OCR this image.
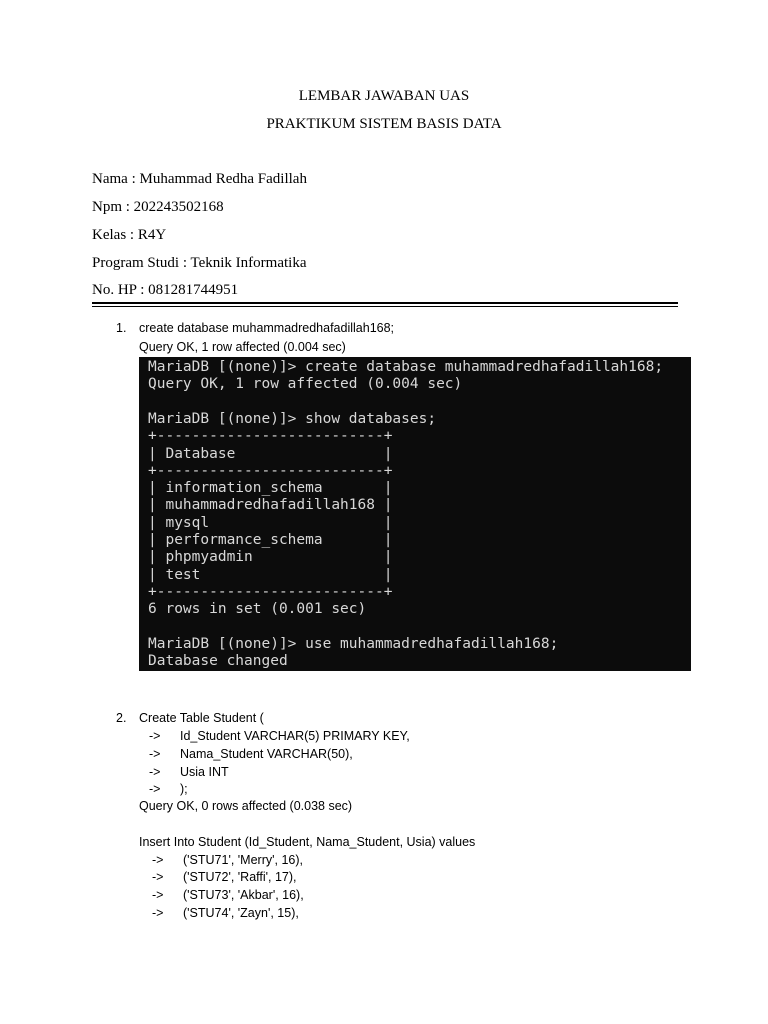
LEMBAR JAWABAN UAS
PRAKTIKUM SISTEM BASIS DATA
Nama : Muhammad Redha Fadillah
Npm : 202243502168
Kelas : R4Y
Program Studi : Teknik Informatika
No. HP : 081281744951
1. create database muhammadredhafadillah168;
Query OK, 1 row affected (0.004 sec)
MariaDB [(none)]> create database muhammadredhafadillah168;
Query OK, 1 row affected (0.004 sec)
MariaDB [(none)]> show databases;
+--------------------------+
| Database                 |
+--------------------------+
| information_schema       |
| muhammadredhafadillah168 |
| mysql                    |
| performance_schema       |
| phpmyadmin               |
| test                     |
+--------------------------+
6 rows in set (0.001 sec)
MariaDB [(none)]> use muhammadredhafadillah168;
Database changed
2. Create Table Student (
-> Id_Student VARCHAR(5) PRIMARY KEY,
-> Nama_Student VARCHAR(50),
-> Usia INT
-> );
Query OK, 0 rows affected (0.038 sec)
Insert Into Student (Id_Student, Nama_Student, Usia) values
-> ('STU71', 'Merry', 16),
-> ('STU72', 'Raffi', 17),
-> ('STU73', 'Akbar', 16),
-> ('STU74', 'Zayn', 15),
